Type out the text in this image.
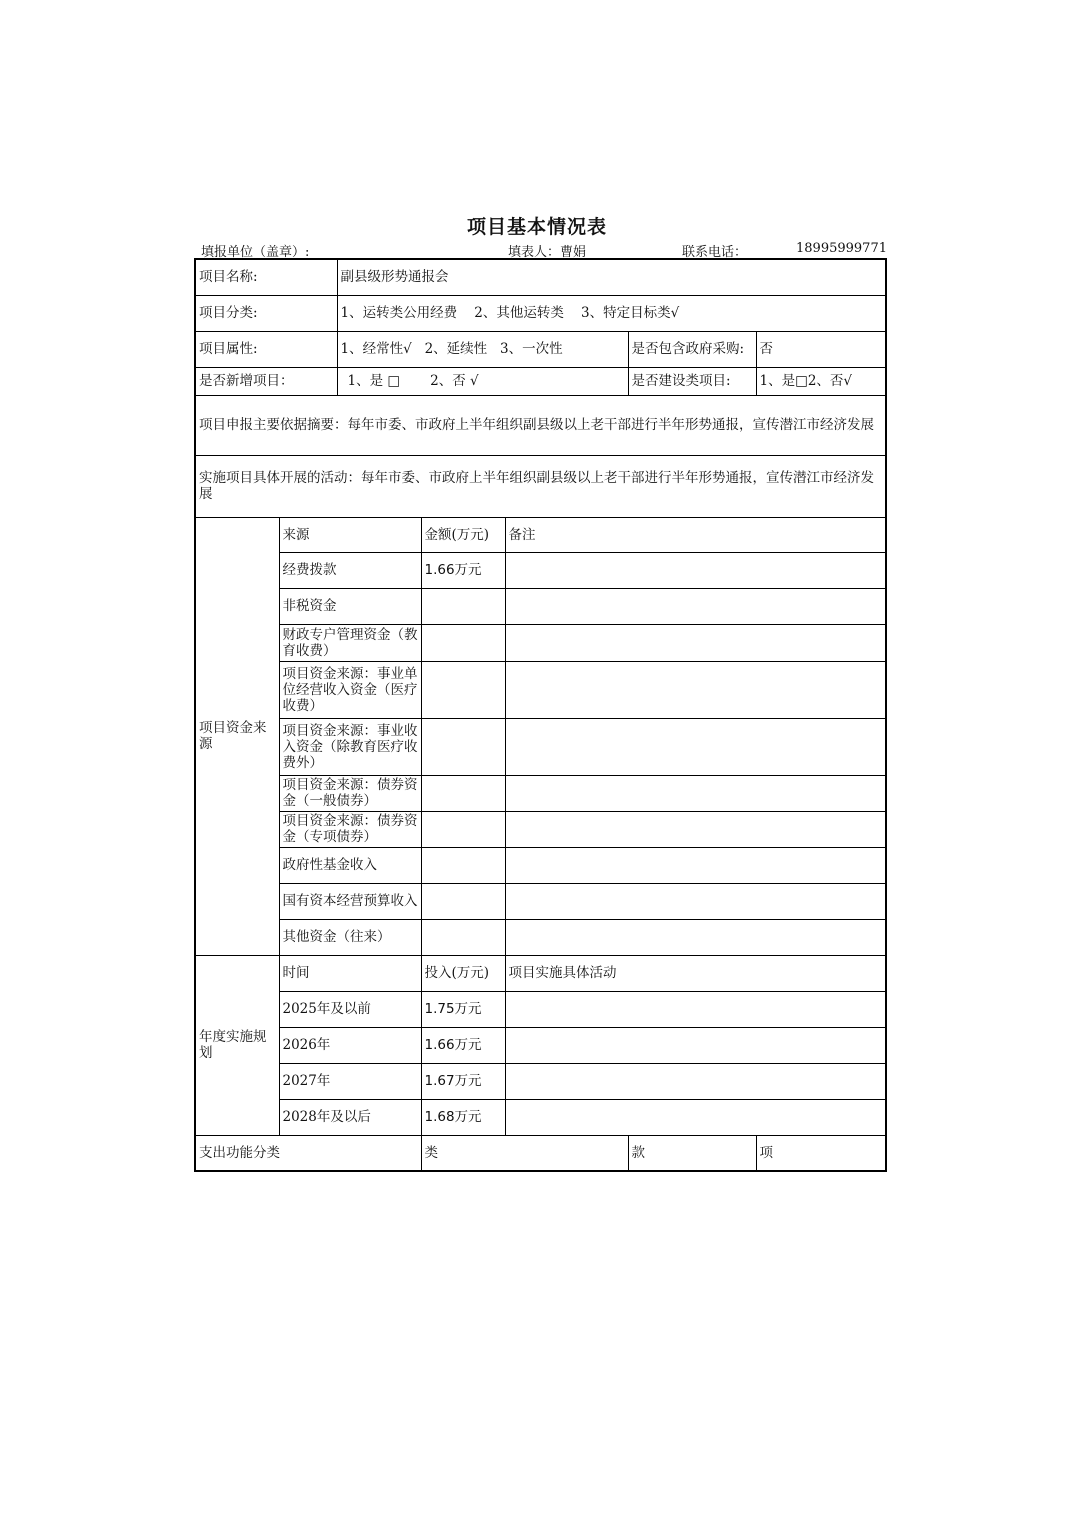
项目基本情况表
填报单位（盖章）:	填表人：曹娟	联系电话：	18995999771
项目名称:		副县级形势通报会				
项目分类:		1、运转类公用经费    2、其他运转类    3、特定目标类√				
项目属性:		1、经常性√   2、延续性   3、一次性			是否包含政府采购:	否
是否新增项目：		1、是 □       2、否 √			是否建设类项目:	1、是□2、否√
项目申报主要依据摘要：每年市委、市政府上半年组织副县级以上老干部进行半年形势通报，宣传潜江市经济发展						
实施项目具体开展的活动：每年市委、市政府上半年组织副县级以上老干部进行半年形势通报，宣传潜江市经济发展						
项目资金来源	来源		金额(万元)	备注		
	经费拨款		1.66万元			
	非税资金					
	财政专户管理资金（教育收费）					
	项目资金来源：事业单位经营收入资金（医疗收费）					
	项目资金来源：事业收入资金（除教育医疗收费外）					
	项目资金来源：债券资金（一般债券）					
	项目资金来源：债券资金（专项债券）					
	政府性基金收入					
	国有资本经营预算收入					
	其他资金（往来）					
年度实施规划	时间		投入(万元)	项目实施具体活动		
	2025年及以前		1.75万元			
	2026年		1.66万元			
	2027年		1.67万元			
	2028年及以后		1.68万元			
支出功能分类			类		款	项
